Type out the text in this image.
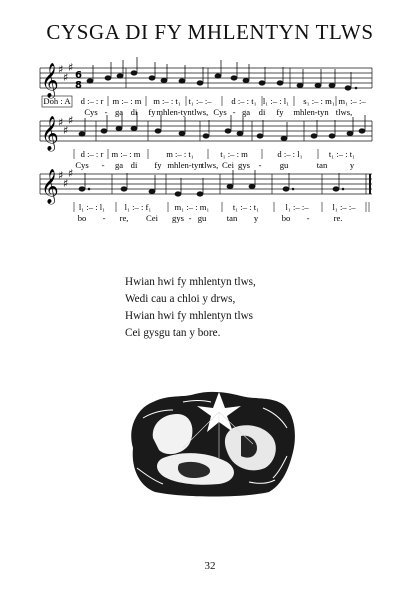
CYSGA DI FY MHLENTYN TLWS
𝄞 ♯
♯
♯
6
8
Doh : A d :– : r m :– : m m :– : t₁ t₁ :– :– d :– : t₁ l₁ :– : l₁ s₁ :– : m₁ m₁ :– :–
Cys - ga di fy mhlen-tyn tlws, Cys - ga di fy mhlen-tyn tlws,
𝄞 ♯
♯
♯
d :– : r m :– : m	m :– : t₁	t₁ :– : m	d :– : l₁	t₁ :– : t₁
Cys - ga di fy mhlen-tyn tlws, Cei gys - gu	tan	y
𝄞 ♯
♯
♯
l₁ :– : l₁ l₁ :– : f₁	m₁ :– : m₁	t₁ :– : t₁	l₁ :– :–	l₁ :– :–
bo - re, Cei gys - gu tan y	bo -	re.
Hwian hwi fy mhlentyn tlws,
Wedi cau a chloi y drws,
Hwian hwi fy mhlentyn tlws
Cei gysgu tan y bore.
32
